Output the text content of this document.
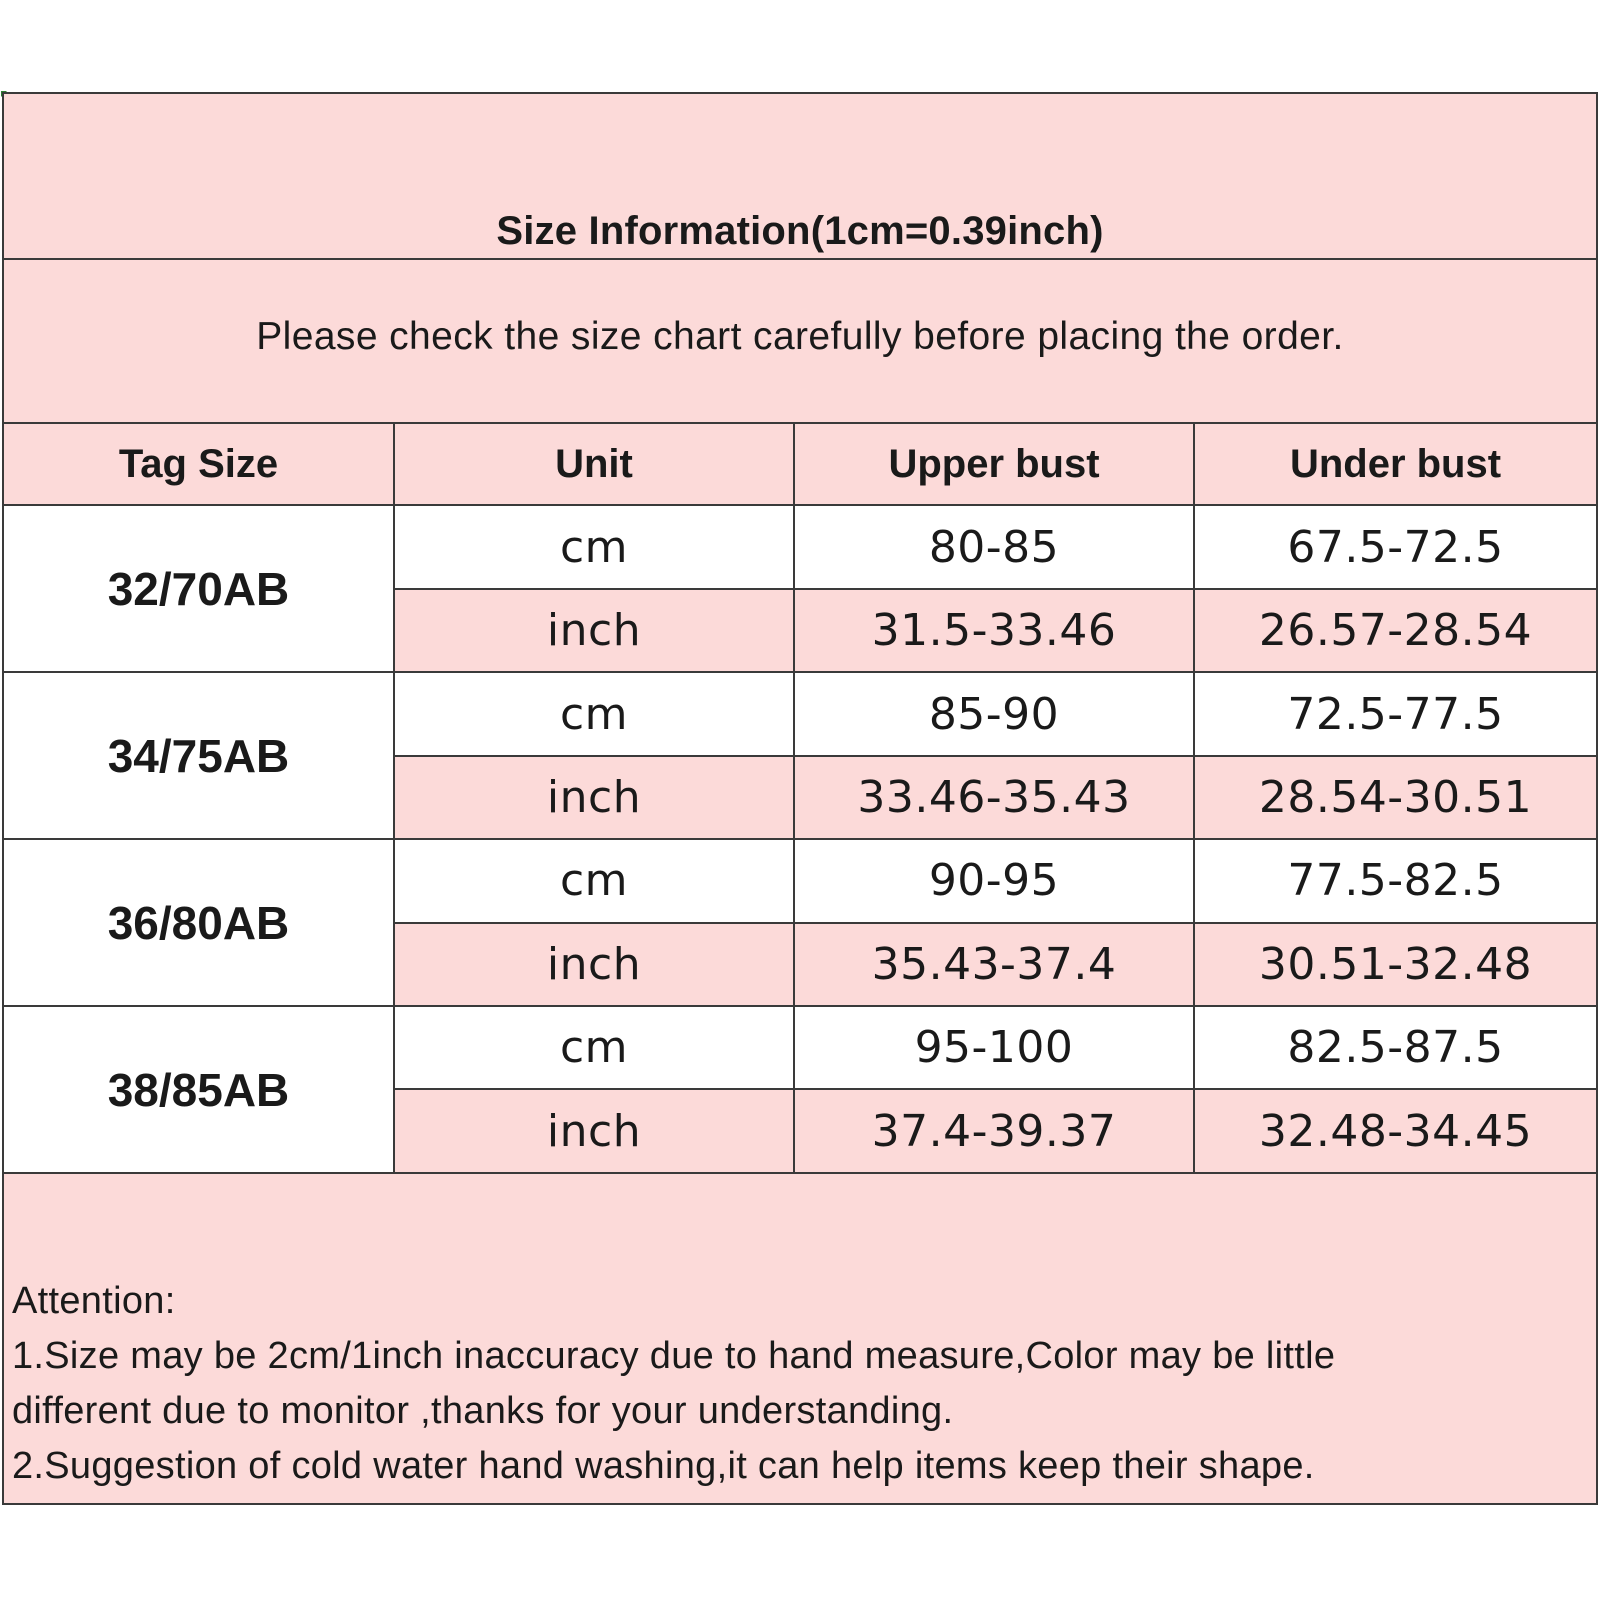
Size Information(1cm=0.39inch)
Please check the size chart carefully before placing the order.
Tag Size	Unit	Upper bust	Under bust
32/70AB	cm	80-85	67.5-72.5
	inch	31.5-33.46	26.57-28.54
34/75AB	cm	85-90	72.5-77.5
	inch	33.46-35.43	28.54-30.51
36/80AB	cm	90-95	77.5-82.5
	inch	35.43-37.4	30.51-32.48
38/85AB	cm	95-100	82.5-87.5
	inch	37.4-39.37	32.48-34.45
Attention:
1.Size may be 2cm/1inch inaccuracy due to hand measure,Color may be little
different due to monitor ,thanks for your understanding.
2.Suggestion of cold water hand washing,it can help items keep their shape.
